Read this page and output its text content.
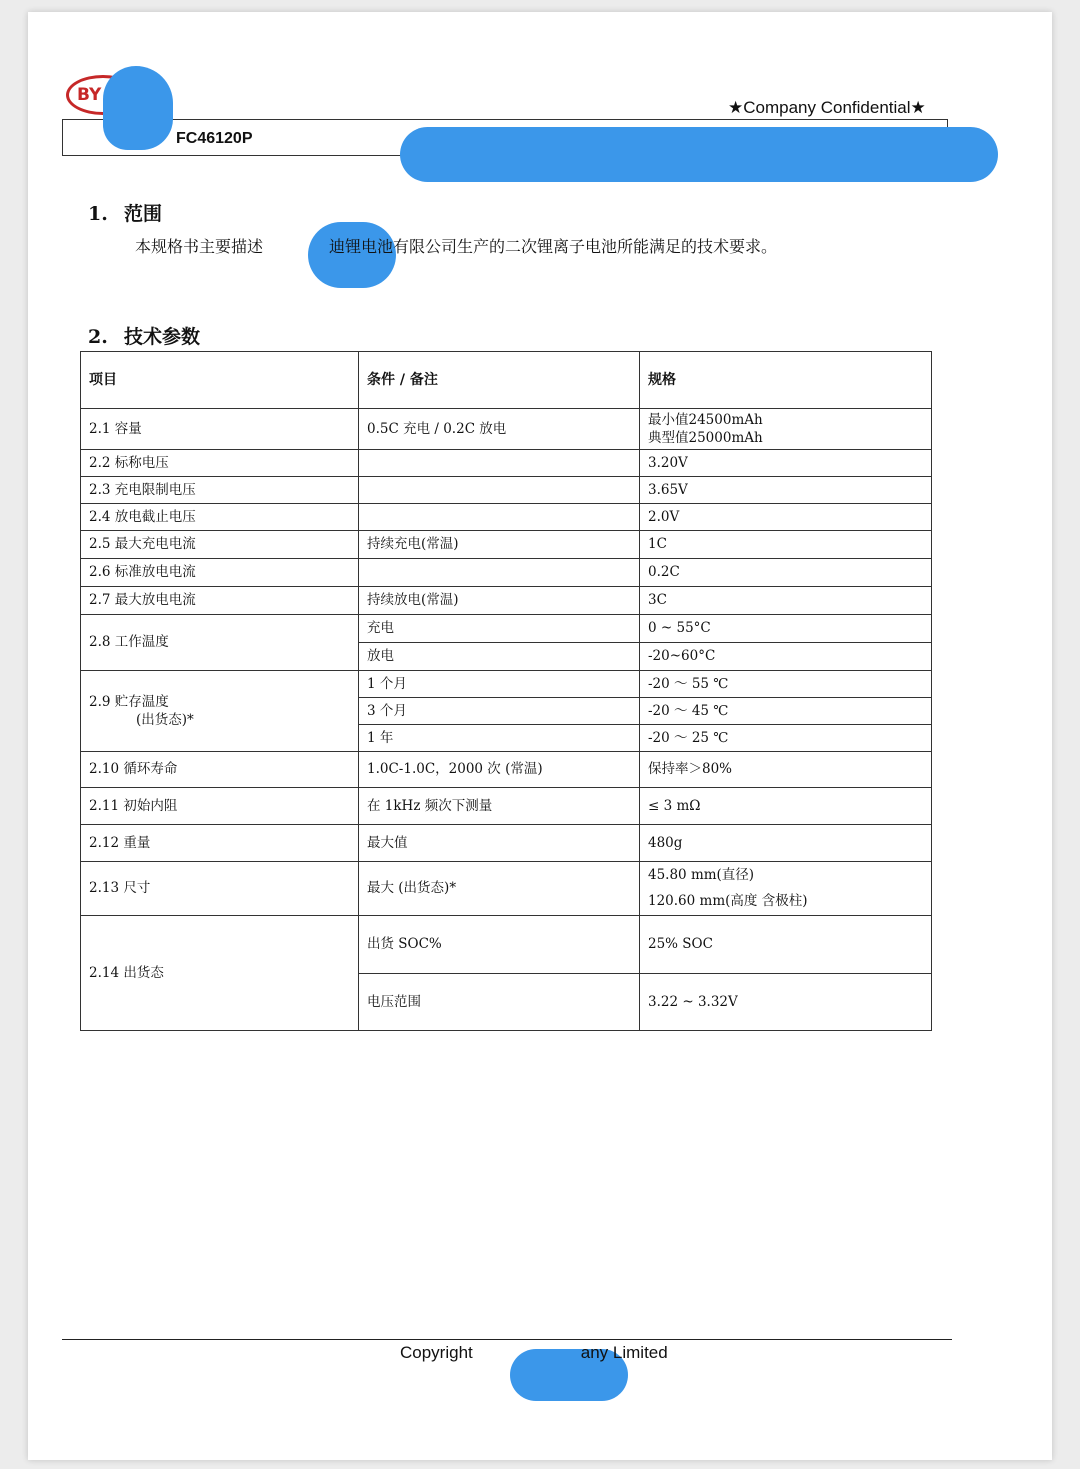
BY
★Company Confidential★
FC46120P
1. 范围
本规格书主要描述	迪锂电池有限公司生产的二次锂离子电池所能满足的技术要求。
2. 技术参数
项目	条件 / 备注	规格
2.1 容量	0.5C 充电 / 0.2C 放电	最小值24500mAh
典型值25000mAh
2.2 标称电压		3.20V
2.3 充电限制电压		3.65V
2.4 放电截止电压		2.0V
2.5 最大充电电流	持续充电(常温)	1C
2.6 标准放电电流		0.2C
2.7 最大放电电流	持续放电(常温)	3C
2.8 工作温度	充电	0 ~ 55°C
	放电	-20~60°C
2.9 贮存温度
(出货态)*	1 个月	-20 ～ 55 ℃
	3 个月	-20 ～ 45 ℃
	1 年	-20 ～ 25 ℃
2.10 循环寿命	1.0C-1.0C，2000 次 (常温)	保持率＞80%
2.11 初始内阻	在 1kHz 频次下测量	≤ 3 mΩ
2.12 重量	最大值	480g
2.13 尺寸	最大 (出货态)*	45.80 mm(直径)
120.60 mm(高度 含极柱)
2.14 出货态	出货 SOC%	25% SOC
	电压范围	3.22 ~ 3.32V
Copyright	any Limited
